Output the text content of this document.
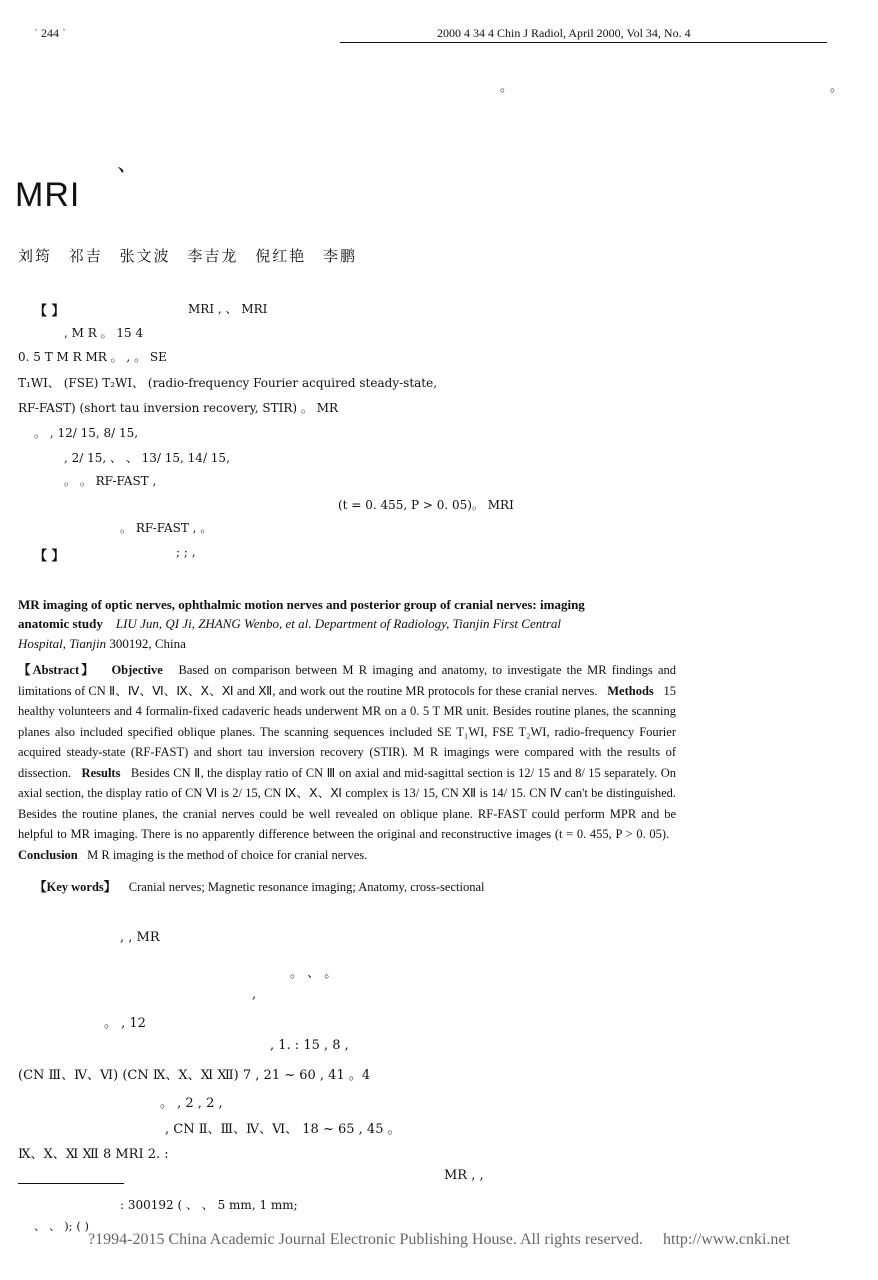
˙ 244 ˙	2000 4 34 4 Chin J Radiol, April 2000, Vol 34, No. 4
。	。
、
MRI
刘筠 祁吉 张文波 李吉龙 倪红艳 李鹏
【 】	MRI , 、 MRI
, M R 。 15 4
0. 5 T M R MR 。 , 。 SE
T₁WI、 (FSE) T₂WI、 (radio-frequency Fourier acquired steady-state,
RF-FAST) (short tau inversion recovery, STIR) 。 MR
。 , 12/ 15, 8/ 15,
, 2/ 15, 、 、 13/ 15, 14/ 15,
。 。 RF-FAST ,
(t = 0. 455, P > 0. 05)。 MRI
。 RF-FAST , 。
【 】	; ; ,
MR imaging of optic nerves, ophthalmic motion nerves and posterior group of cranial nerves: imaging
anatomic study LIU Jun, QI Ji, ZHANG Wenbo, et al. Department of Radiology, Tianjin First Central
Hospital, Tianjin 300192, China
【Abstract】 Objective Based on comparison between M R imaging and anatomy, to investigate the MR findings and limitations of CN Ⅱ、Ⅳ、Ⅵ、Ⅸ、Ⅹ、Ⅺ and Ⅻ, and work out the routine MR protocols for these cranial nerves. Methods 15 healthy volunteers and 4 formalin-fixed cadaveric heads underwent MR on a 0. 5 T MR unit. Besides routine planes, the scanning planes also included specified oblique planes. The scanning sequences included SE T₁WI, FSE T₂WI, radio-frequency Fourier acquired steady-state (RF-FAST) and short tau inversion recovery (STIR). M R imagings were compared with the results of dissection. Results Besides CN Ⅱ, the display ratio of CN Ⅲ on axial and mid-sagittal section is 12/ 15 and 8/ 15 separately. On axial section, the display ratio of CN Ⅵ is 2/ 15, CN Ⅸ、Ⅹ、Ⅺ complex is 13/ 15, CN Ⅻ is 14/ 15. CN Ⅳ can't be distinguished. Besides the routine planes, the cranial nerves could be well revealed on oblique plane. RF-FAST could perform MPR and be helpful to MR imaging. There is no apparently difference between the original and reconstructive images (t = 0. 455, P > 0. 05).   Conclusion M R imaging is the method of choice for cranial nerves.
【Key words】 Cranial nerves; Magnetic resonance imaging; Anatomy, cross-sectional
, , MR
。 、 。
,
。 , 12
, 1. : 15 , 8 ,
(CN Ⅲ、Ⅳ、Ⅵ) (CN Ⅸ、Ⅹ、Ⅺ Ⅻ) 7 , 21 ~ 60 , 41 。4
。 , 2 , 2 ,
, CN Ⅱ、Ⅲ、Ⅳ、Ⅵ、 18 ~ 65 , 45 。
Ⅸ、Ⅹ、Ⅺ Ⅻ 8 MRI 2. :
MR , ,
: 300192 ( 、 、 5 mm, 1 mm;
、 、 ); ( )
?1994-2015 China Academic Journal Electronic Publishing House. All rights reserved. http://www.cnki.net
